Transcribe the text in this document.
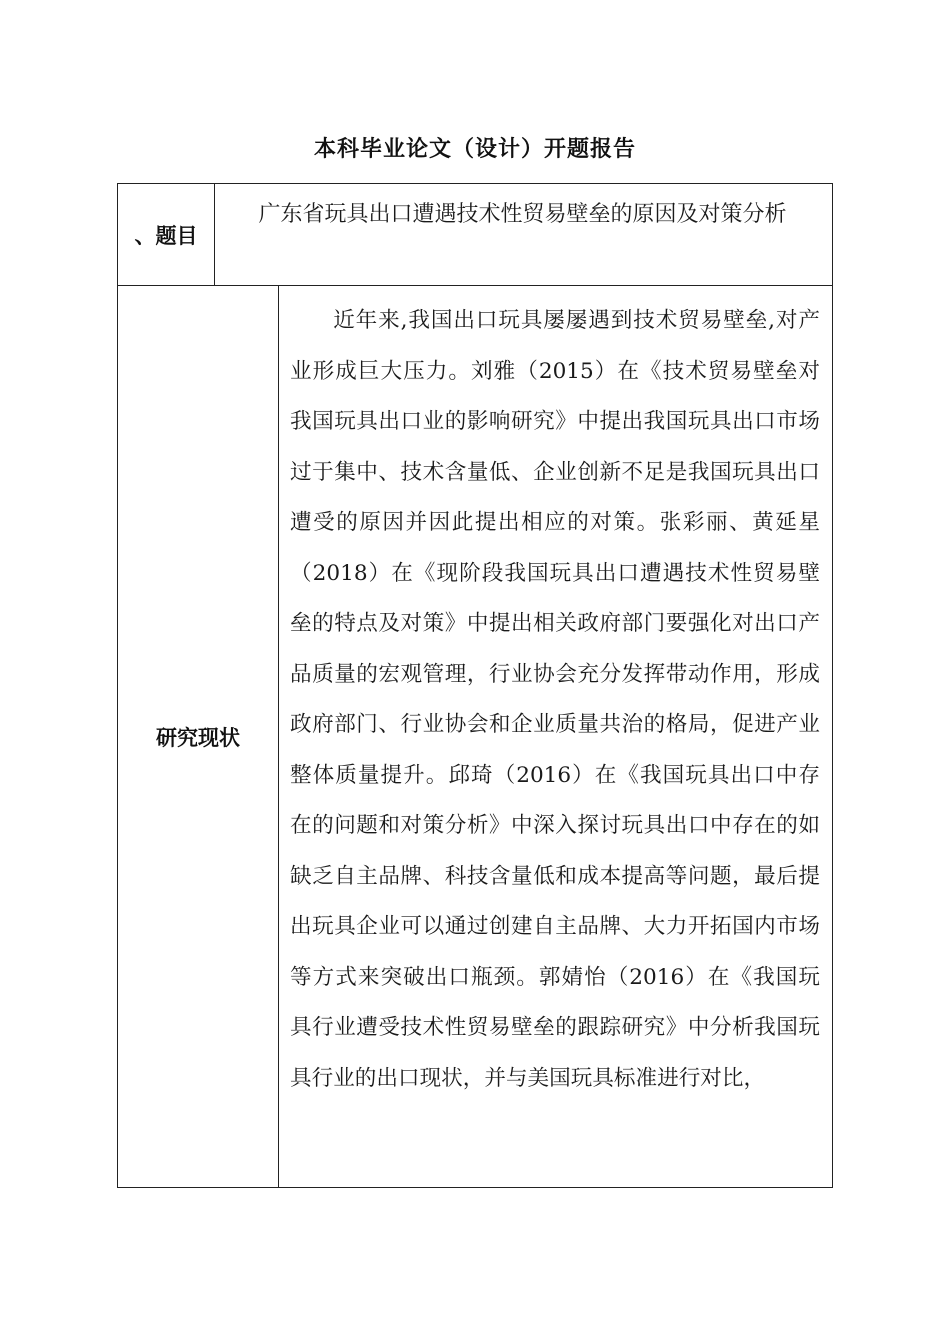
本科毕业论文（设计）开题报告
、题目
广东省玩具出口遭遇技术性贸易壁垒的原因及对策分析
研究现状
近年来,我国出口玩具屡屡遇到技术贸易壁垒,对产业形成巨大压力。刘雅（2015）在《技术贸易壁垒对我国玩具出口业的影响研究》中提出我国玩具出口市场过于集中、技术含量低、企业创新不足是我国玩具出口遭受的原因并因此提出相应的对策。张彩丽、黄延星（2018）在《现阶段我国玩具出口遭遇技术性贸易壁垒的特点及对策》中提出相关政府部门要强化对出口产品质量的宏观管理，行业协会充分发挥带动作用，形成政府部门、行业协会和企业质量共治的格局，促进产业整体质量提升。邱琦（2016）在《我国玩具出口中存在的问题和对策分析》中深入探讨玩具出口中存在的如缺乏自主品牌、科技含量低和成本提高等问题，最后提出玩具企业可以通过创建自主品牌、大力开拓国内市场等方式来突破出口瓶颈。郭婧怡（2016）在《我国玩具行业遭受技术性贸易壁垒的跟踪研究》中分析我国玩具行业的出口现状，并与美国玩具标准进行对比，
